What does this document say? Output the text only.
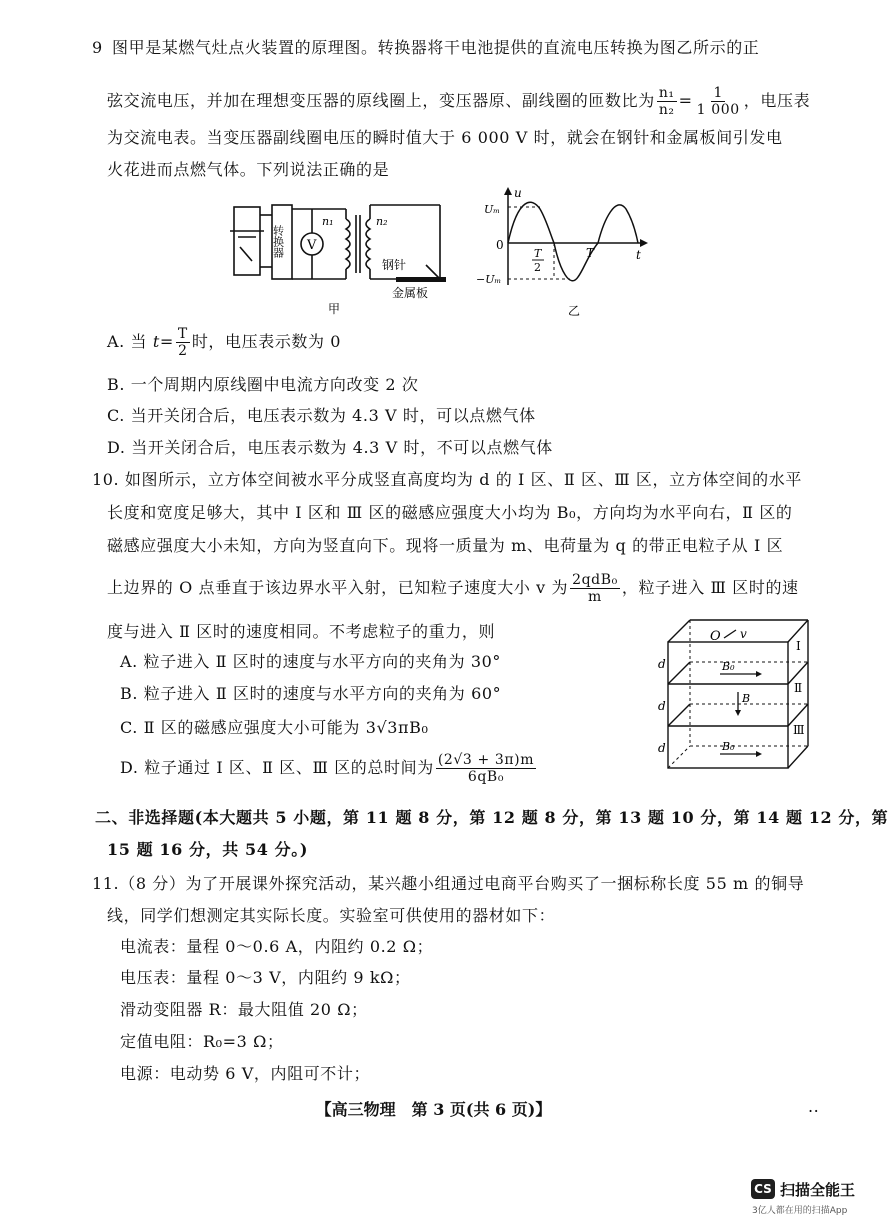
9 图甲是某燃气灶点火装置的原理图。转换器将干电池提供的直流电压转换为图乙所示的正
弦交流电压，并加在理想变压器的原线圈上，变压器原、副线圈的匝数比为 $\frac{\text{n₁}}{\text{n₂}} = \frac{1}{1 000}$ ，电压表
为交流电表。当变压器副线圈电压的瞬时值大于 6 000 V 时，就会在钢针和金属板间引发电
火花进而点燃气体。下列说法正确的是
转换器 V
n₁	n₂
钢针
金属板
甲
u
Uₘ
0
−Uₘ
T
2
T	t
乙
A. 当 $t= \frac{T}{2}$ 时，电压表示数为 0
B. 一个周期内原线圈中电流方向改变 2 次
C. 当开关闭合后，电压表示数为 4.3 V 时，可以点燃气体
D. 当开关闭合后，电压表示数为 4.3 V 时，不可以点燃气体
10. 如图所示，立方体空间被水平分成竖直高度均为 d 的 Ⅰ 区、Ⅱ 区、Ⅲ 区，立方体空间的水平
长度和宽度足够大，其中 Ⅰ 区和 Ⅲ 区的磁感应强度大小均为 B₀，方向均为水平向右，Ⅱ 区的
磁感应强度大小未知，方向为竖直向下。现将一质量为 m、电荷量为 q 的带正电粒子从 Ⅰ 区
上边界的 O 点垂直于该边界水平入射，已知粒子速度大小 v 为 $\frac{\text{2qdB₀}}{m}$ ，粒子进入 Ⅲ 区时的速
度与进入 Ⅱ 区时的速度相同。不考虑粒子的重力，则
A. 粒子进入 Ⅱ 区时的速度与水平方向的夹角为 30°
B. 粒子进入 Ⅱ 区时的速度与水平方向的夹角为 60°
C. Ⅱ 区的磁感应强度大小可能为 3√3πB₀
D. 粒子通过 Ⅰ 区、Ⅱ 区、Ⅲ 区的总时间为 $\frac{(2√3 + 3\pi)m}{\text{6qB₀}}$
O v
Ⅰ
Ⅱ
Ⅲ
d
d
d
B₀
B
B₀
二、非选择题(本大题共 5 小题，第 11 题 8 分，第 12 题 8 分，第 13 题 10 分，第 14 题 12 分，第
15 题 16 分，共 54 分。)
11.（8 分）为了开展课外探究活动，某兴趣小组通过电商平台购买了一捆标称长度 55 m 的铜导
线，同学们想测定其实际长度。实验室可供使用的器材如下：
电流表：量程 0～0.6 A，内阻约 0.2 Ω；
电压表：量程 0～3 V，内阻约 9 kΩ；
滑动变阻器 R：最大阻值 20 Ω；
定值电阻：R₀=3 Ω；
电源：电动势 6 V，内阻可不计；
【高三物理　第 3 页(共 6 页)】	..
CS 扫描全能王
3亿人都在用的扫描App
